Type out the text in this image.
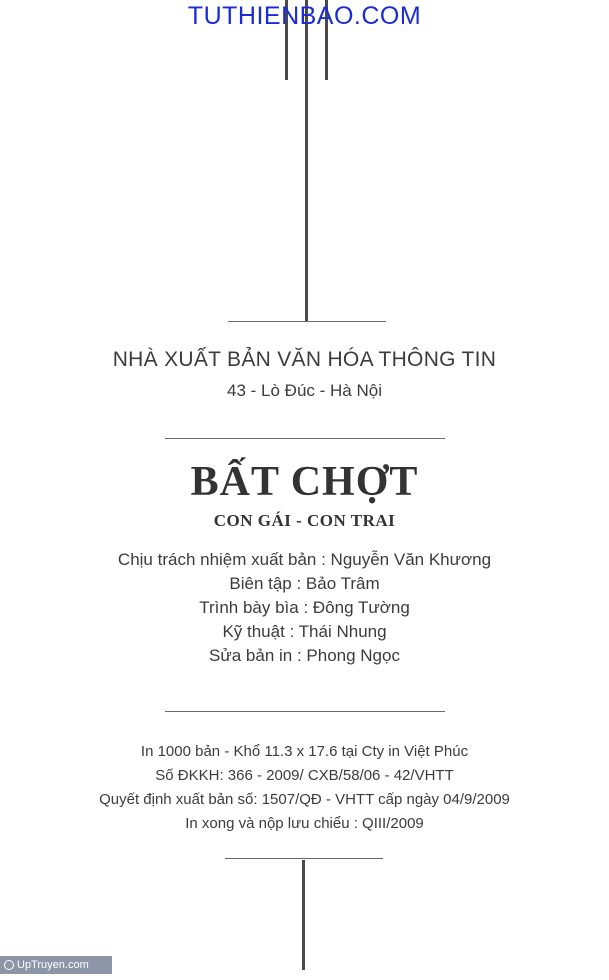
TUTHIENBAO.COM
NHÀ XUẤT BẢN VĂN HÓA THÔNG TIN
43 - Lò Đúc - Hà Nội
BẤT CHỢT
CON GÁI - CON TRAI
Chịu trách nhiệm xuất bản : Nguyễn Văn Khương
Biên tập : Bảo Trâm
Trình bày bìa : Đông Tường
Kỹ thuật : Thái Nhung
Sửa bản in : Phong Ngọc
In 1000 bản - Khổ 11.3 x 17.6 tại Cty in Việt Phúc
Số ĐKKH: 366 - 2009/ CXB/58/06 - 42/VHTT
Quyết định xuất bản số: 1507/QĐ - VHTT cấp ngày 04/9/2009
In xong và nộp lưu chiểu : QIII/2009
UpTruyen.com
